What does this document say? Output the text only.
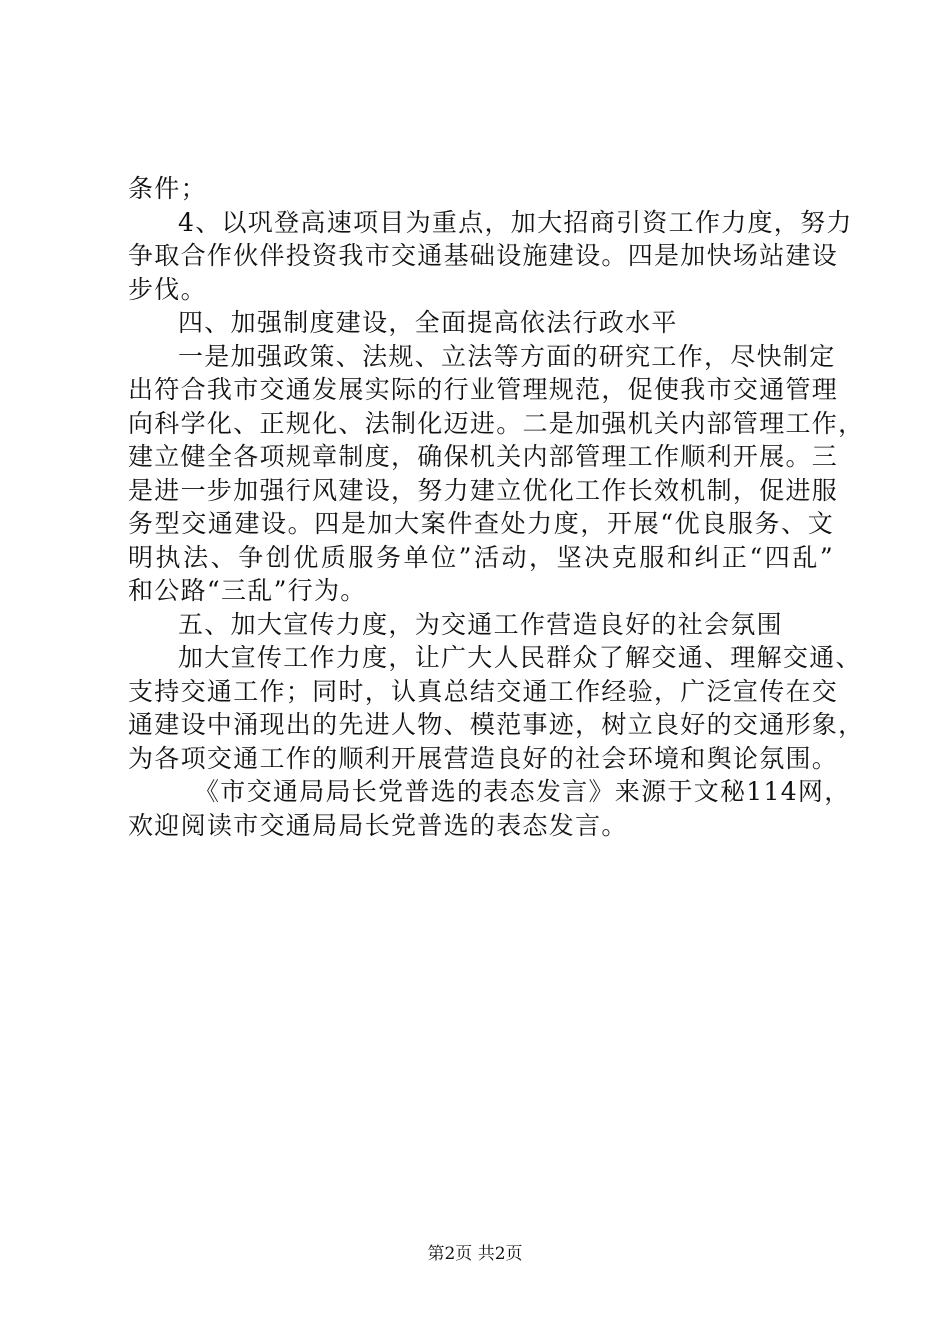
条件；
4、以巩登高速项目为重点，加大招商引资工作力度，努力
争取合作伙伴投资我市交通基础设施建设。四是加快场站建设
步伐。
四、加强制度建设，全面提高依法行政水平
一是加强政策、法规、立法等方面的研究工作，尽快制定
出符合我市交通发展实际的行业管理规范，促使我市交通管理
向科学化、正规化、法制化迈进。二是加强机关内部管理工作，
建立健全各项规章制度，确保机关内部管理工作顺利开展。三
是进一步加强行风建设，努力建立优化工作长效机制，促进服
务型交通建设。四是加大案件查处力度，开展“优良服务、文
明执法、争创优质服务单位”活动，坚决克服和纠正“四乱”
和公路“三乱”行为。
五、加大宣传力度，为交通工作营造良好的社会氛围
加大宣传工作力度，让广大人民群众了解交通、理解交通、
支持交通工作；同时，认真总结交通工作经验，广泛宣传在交
通建设中涌现出的先进人物、模范事迹，树立良好的交通形象，
为各项交通工作的顺利开展营造良好的社会环境和舆论氛围。
《市交通局局长党普选的表态发言》来源于文秘114网，
欢迎阅读市交通局局长党普选的表态发言。
第2页 共2页
